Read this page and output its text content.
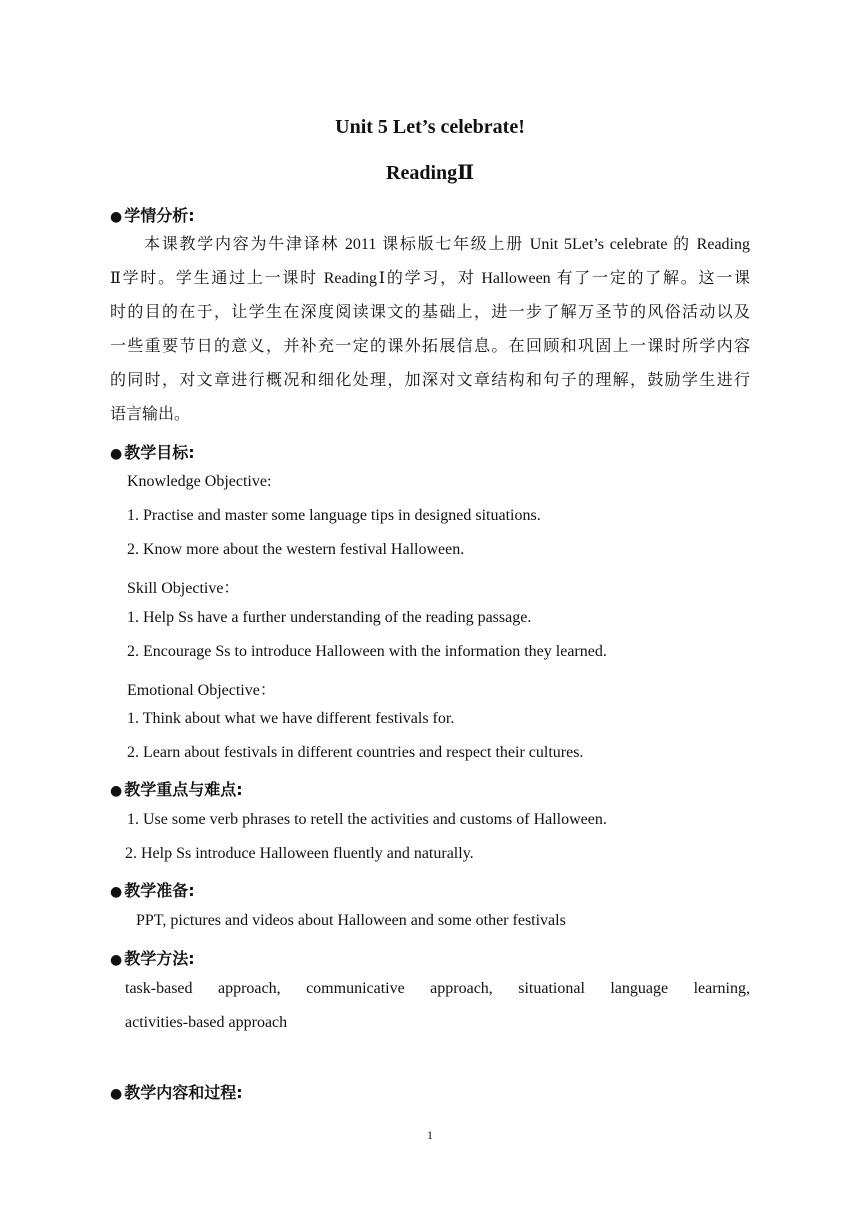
Unit 5 Let’s celebrate!
ReadingⅡ
● 学情分析:
本课教学内容为牛津译林 2011 课标版七年级上册 Unit 5Let’s celebrate 的 Reading
Ⅱ学时。学生通过上一课时 ReadingⅠ的学习，对 Halloween 有了一定的了解。这一课
时的目的在于，让学生在深度阅读课文的基础上，进一步了解万圣节的风俗活动以及
一些重要节日的意义，并补充一定的课外拓展信息。在回顾和巩固上一课时所学内容
的同时，对文章进行概况和细化处理，加深对文章结构和句子的理解，鼓励学生进行
语言输出。
● 教学目标:
Knowledge Objective:
1. Practise and master some language tips in designed situations.
2. Know more about the western festival Halloween.
Skill Objective：
1. Help Ss have a further understanding of the reading passage.
2. Encourage Ss to introduce Halloween with the information they learned.
Emotional Objective：
1. Think about what we have different festivals for.
2. Learn about festivals in different countries and respect their cultures.
● 教学重点与难点:
1. Use some verb phrases to retell the activities and customs of Halloween.
2. Help Ss introduce Halloween fluently and naturally.
● 教学准备:
PPT, pictures and videos about Halloween and some other festivals
● 教学方法:
task-based approach, communicative approach, situational language learning,
activities-based approach
● 教学内容和过程:
1
